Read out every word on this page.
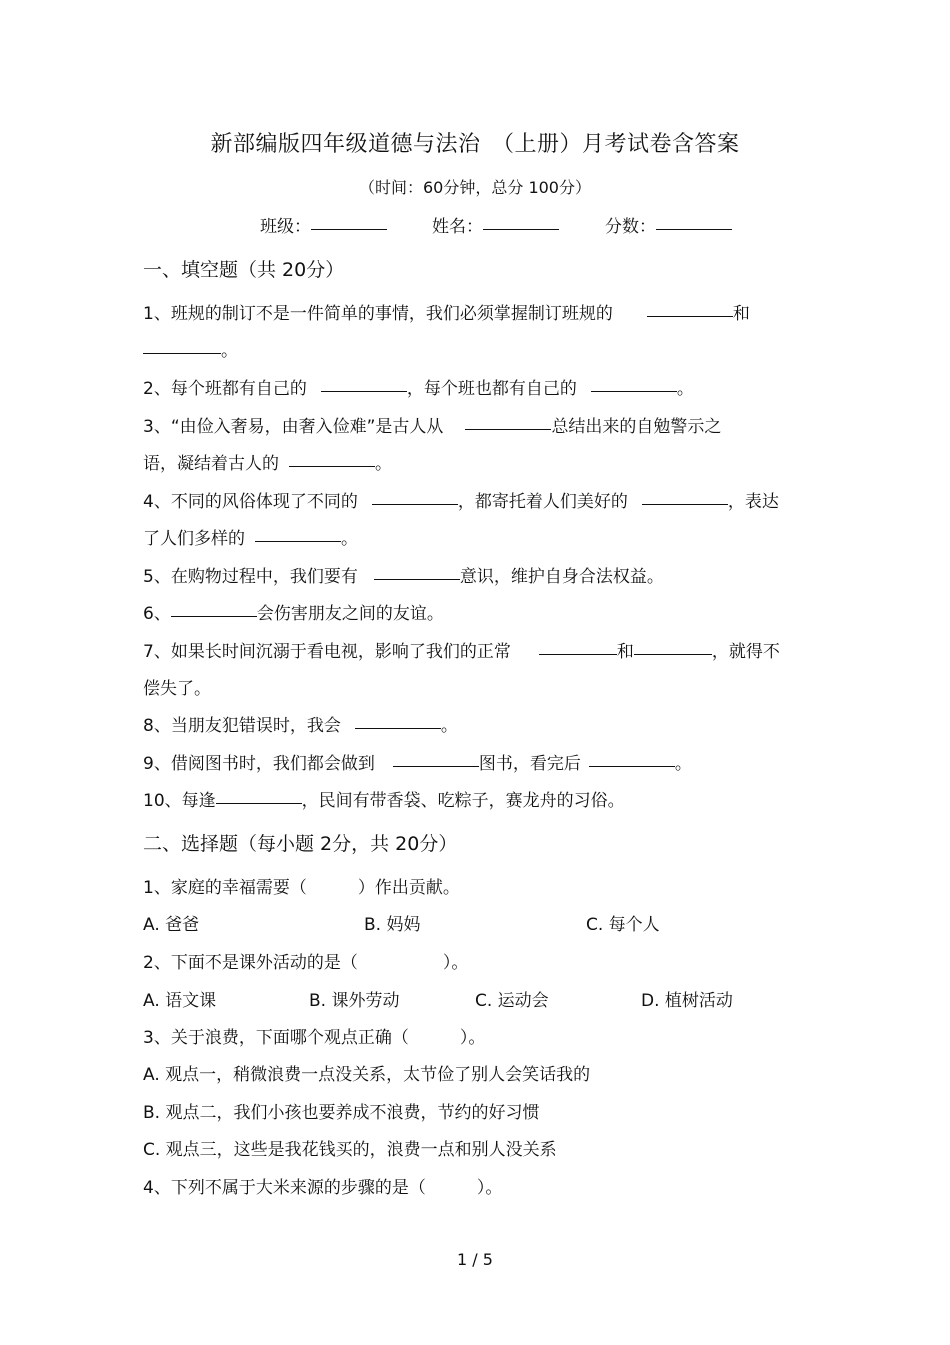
新部编版四年级道德与法治　（上册）月考试卷含答案
（时间：60分钟，总分 100分）
班级：	姓名：	分数：
一、填空题（共 20分）
1、班规的制订不是一件简单的事情，我们必须掌握制订班规的	和
。
2、每个班都有自己的	，每个班也都有自己的	。
3、“由俭入奢易，由奢入俭难”是古人从	总结出来的自勉警示之
语，凝结着古人的	。
4、不同的风俗体现了不同的	，都寄托着人们美好的	，表达
了人们多样的	。
5、在购物过程中，我们要有	意识，维护自身合法权益。
6、	会伤害朋友之间的友谊。
7、如果长时间沉溺于看电视，影响了我们的正常	和	，就得不
偿失了。
8、当朋友犯错误时，我会	。
9、借阅图书时，我们都会做到	图书，看完后	。
10、每逢	，民间有带香袋、吃粽子，赛龙舟的习俗。
二、选择题（每小题 2分，共 20分）
1、家庭的幸福需要（　　　）作出贡献。
A. 爸爸	B. 妈妈	C. 每个人
2、下面不是课外活动的是（　　　　　）。
A. 语文课	B. 课外劳动	C. 运动会	D. 植树活动
3、关于浪费，下面哪个观点正确（　　　）。
A. 观点一，稍微浪费一点没关系，太节俭了别人会笑话我的
B. 观点二，我们小孩也要养成不浪费，节约的好习惯
C. 观点三，这些是我花钱买的，浪费一点和别人没关系
4、下列不属于大米来源的步骤的是（　　　）。
1 / 5
